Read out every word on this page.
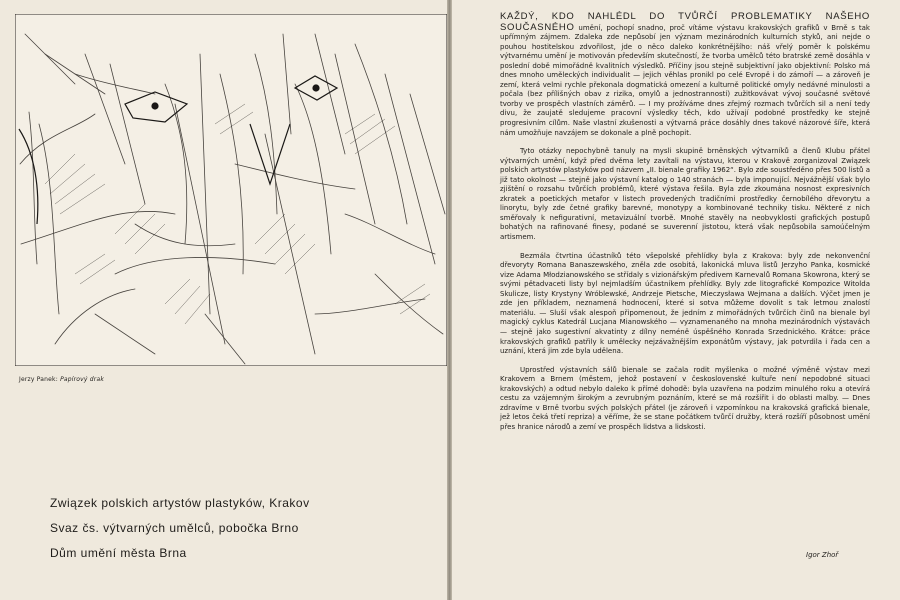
Jerzy Panek: Papírový drak
Związek polskich artystów plastyków, Krakov
Svaz čs. výtvarných umělců, pobočka Brno
Dům umění města Brna

KAŽDÝ, KDO NAHLÉDL DO TVŮRČÍ PROBLEMATIKY NAŠEHO SOUČASNÉHO umění, pochopí snadno, proč vítáme výstavu krakovských grafiků v Brně s tak upřímným zájmem. Zdaleka zde nepůsobí jen význam mezinárodních kulturních styků, ani nejde o pouhou hostitelskou zdvořilost, jde o něco daleko konkrétnějšího: náš vřelý poměr k polskému výtvarnému umění je motivován především skutečností, že tvorba umělců této bratrské země dosáhla v poslední době mimořádně kvalitních výsledků. Příčiny jsou stejně subjektivní jako objektivní: Polsko má dnes mnoho uměleckých individualit — jejich věhlas pronikl po celé Evropě i do zámoří — a zároveň je zemí, která velmi rychle překonala dogmatická omezení a kulturně politické omyly nedávné minulosti a počala (bez přílišných obav z rizika, omylů a jednostranností) zužitkovávat vývoj současné světové tvorby ve prospěch vlastních záměrů. — I my prožíváme dnes zřejmý rozmach tvůrčích sil a není tedy divu, že zaujatě sledujeme pracovní výsledky těch, kdo užívají podobné prostředky ke stejně progresivním cílům. Naše vlastní zkušenosti a výtvarná práce dosáhly dnes takové názorové šíře, která nám umožňuje navzájem se dokonale a plně pochopit.

Tyto otázky nepochybně tanuly na mysli skupině brněnských výtvarníků a členů Klubu přátel výtvarných umění, když před dvěma lety zavítali na výstavu, kterou v Krakově zorganizoval Związek polskich artystów plastyków pod názvem „II. bienale grafiky 1962“. Bylo zde soustředěno přes 500 listů a již tato okolnost — stejně jako výstavní katalog o 140 stranách — byla imponující. Nejvážnější však bylo zjištění o rozsahu tvůrčích problémů, které výstava řešila. Byla zde zkoumána nosnost expresivních zkratek a poetických metafor v listech provedených tradičními prostředky černobílého dřevorytu a linorytu, byly zde četné grafiky barevné, monotypy a kombinované techniky tisku. Některé z nich směřovaly k nefigurativní, metavizuální tvorbě. Mnohé stavěly na neobvyklosti grafických postupů bohatých na rafinované finesy, podané se suverenní jistotou, která však nepůsobila samoúčelným artismem.

Bezmála čtvrtina účastníků této všepolské přehlídky byla z Krakova: byly zde nekonvenční dřevoryty Romana Banaszewského, zněla zde osobitá, lakonická mluva listů Jerzyho Panka, kosmické vize Adama Młodzianowského se střídaly s vizionářským předivem Karnevalů Romana Skowrona, který se svými pětadvaceti listy byl nejmladším účastníkem přehlídky. Byly zde litografické Kompozice Witolda Skulicze, listy Krystyny Wróblewské, Andrzeje Pietsche, Mieczysława Wejmana a dalších. Výčet jmen je zde jen příkladem, neznamená hodnocení, které si sotva můžeme dovolit s tak letmou znalostí materiálu. — Sluší však alespoň připomenout, že jedním z mimořádných tvůrčích činů na bienale byl magický cyklus Katedrál Lucjana Mianowského — vyznamenaného na mnoha mezinárodních výstavách — stejně jako sugestivní akvatinty z dílny neméně úspěšného Konrada Srzednického. Krátce: práce krakovských grafiků patřily k umělecky nejzávažnějším exponátům výstavy, jak potvrdila i řada cen a uznání, která jim zde byla udělena.

Uprostřed výstavních sálů bienale se začala rodit myšlenka o možné výměně výstav mezi Krakovem a Brnem (městem, jehož postavení v československé kultuře není nepodobné situaci krakovských) a odtud nebylo daleko k přímé dohodě: byla uzavřena na podzim minulého roku a otevírá cestu za vzájemným širokým a zevrubným poznáním, které se má rozšířit i do oblasti malby. — Dnes zdravíme v Brně tvorbu svých polských přátel (je zároveň i vzpomínkou na krakovská grafická bienale, jež letos čeká třetí repriza) a věříme, že se stane počátkem tvůrčí družby, která rozšíří působnost umění přes hranice národů a zemí ve prospěch lidstva a lidskosti.

Igor Zhoř
